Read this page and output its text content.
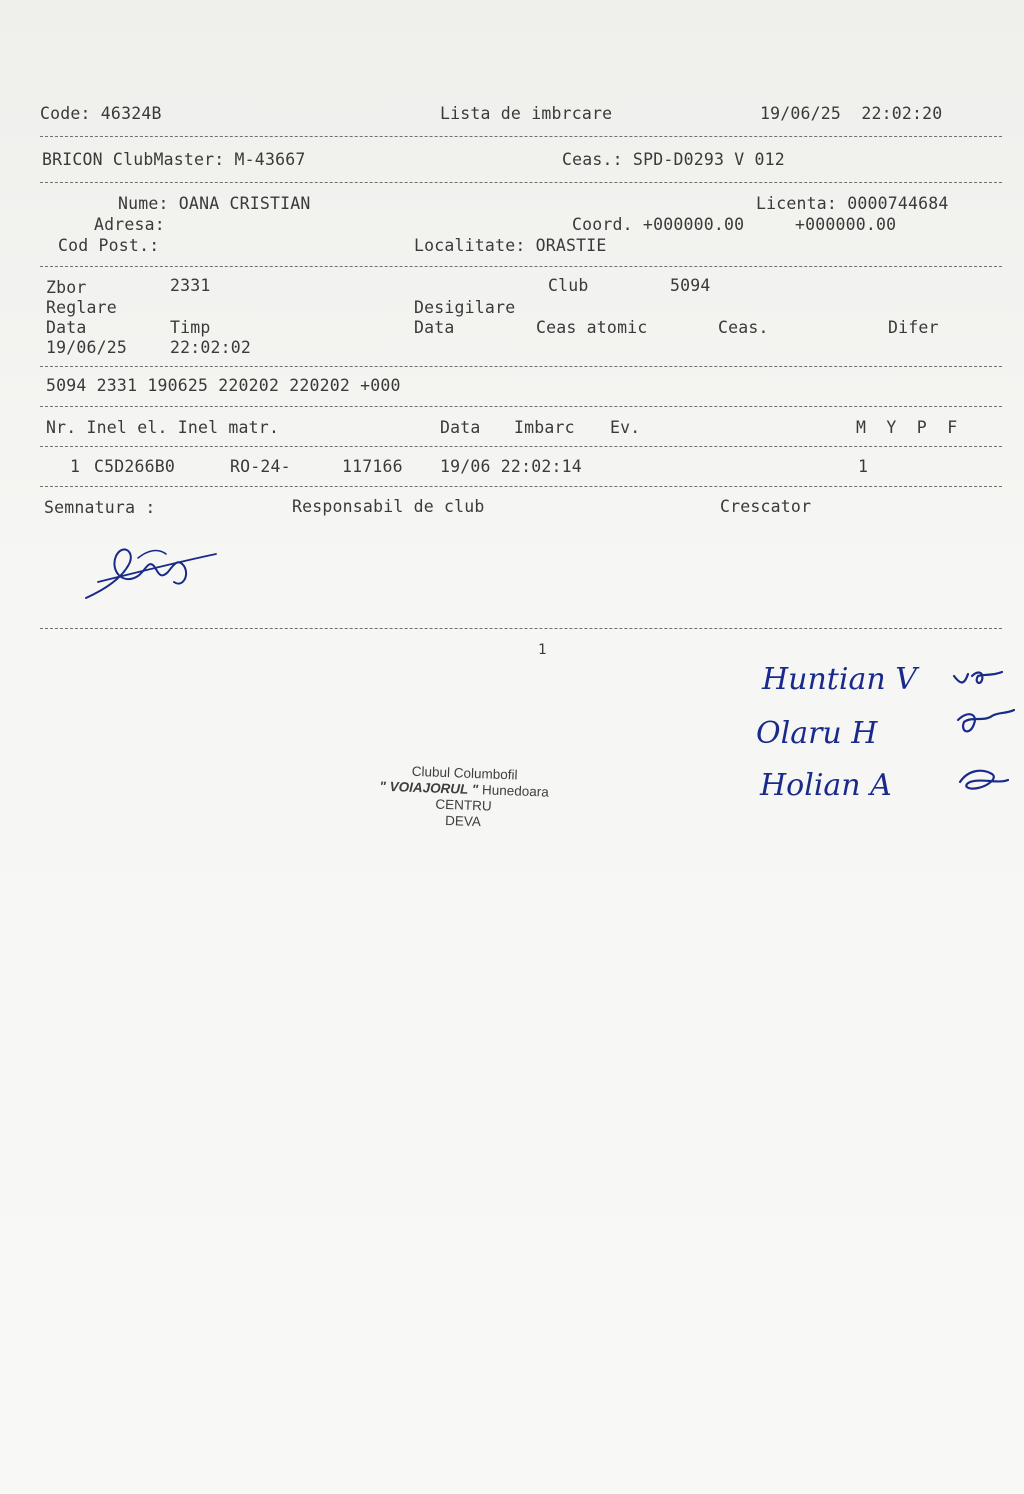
Code: 46324B	Lista de imbrcare	19/06/25  22:02:20
BRICON ClubMaster: M-43667	Ceas.: SPD-D0293 V 012
Nume: OANA CRISTIAN	Licenta: 0000744684
Adresa:	Coord. +000000.00     +000000.00
Cod Post.:	Localitate: ORASTIE
Zbor	2331	Club	5094
Reglare	Desigilare
Data	Timp	Data	Ceas atomic	Ceas.	Difer
19/06/25	22:02:02
5094 2331 190625 220202 220202 +000
Nr. Inel el. Inel matr.	Data Imbarc Ev.	M  Y  P  F
1 C5D266B0	RO-24-	117166 19/06 22:02:14	1
Semnatura :	Responsabil de club	Crescator
1
Clubul Columbofil
" VOIAJORUL " Hunedoara
CENTRU
DEVA
Huntian V
Olaru H
Holian A
